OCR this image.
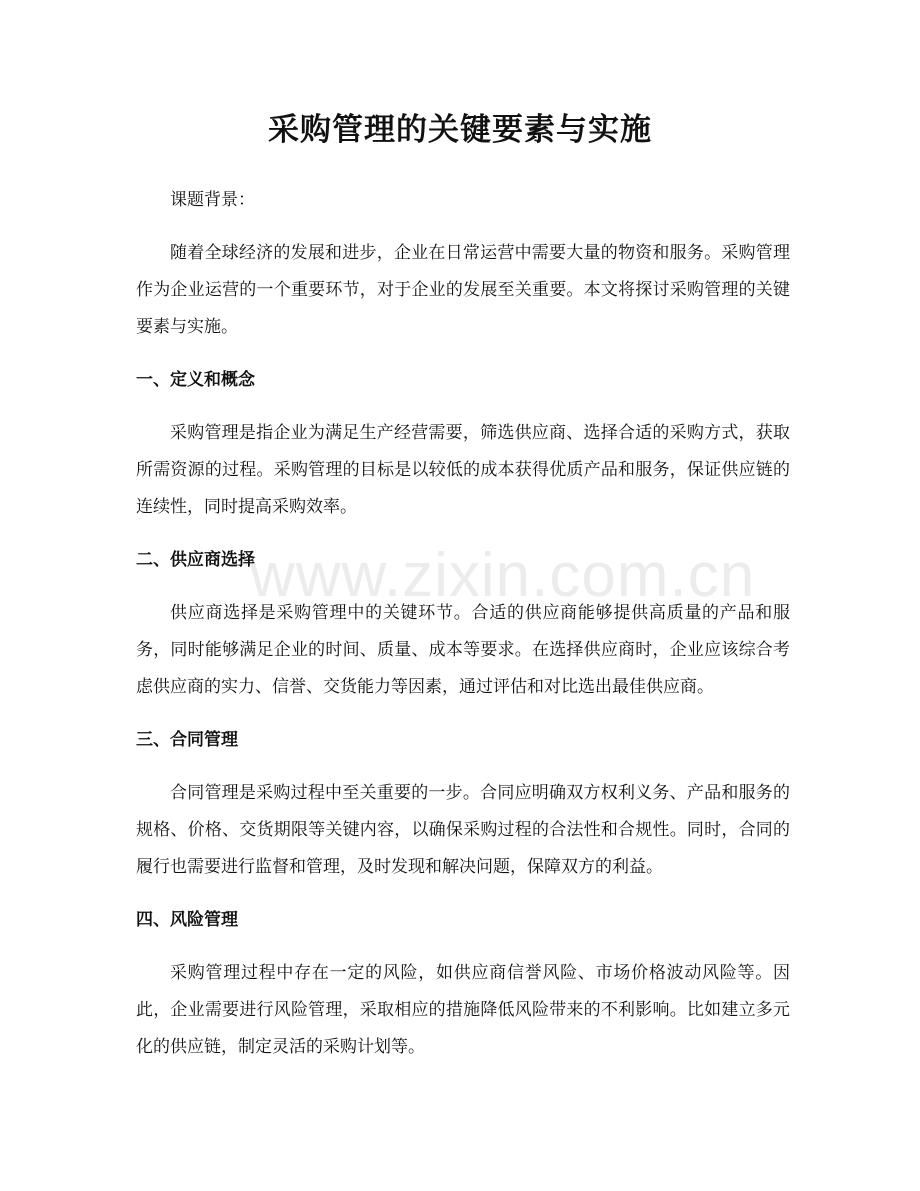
采购管理的关键要素与实施

课题背景：

随着全球经济的发展和进步，企业在日常运营中需要大量的物资和服务。采购管理作为企业运营的一个重要环节，对于企业的发展至关重要。本文将探讨采购管理的关键要素与实施。

一、定义和概念

采购管理是指企业为满足生产经营需要，筛选供应商、选择合适的采购方式，获取所需资源的过程。采购管理的目标是以较低的成本获得优质产品和服务，保证供应链的连续性，同时提高采购效率。

二、供应商选择

供应商选择是采购管理中的关键环节。合适的供应商能够提供高质量的产品和服务，同时能够满足企业的时间、质量、成本等要求。在选择供应商时，企业应该综合考虑供应商的实力、信誉、交货能力等因素，通过评估和对比选出最佳供应商。

三、合同管理

合同管理是采购过程中至关重要的一步。合同应明确双方权利义务、产品和服务的规格、价格、交货期限等关键内容，以确保采购过程的合法性和合规性。同时，合同的履行也需要进行监督和管理，及时发现和解决问题，保障双方的利益。

四、风险管理

采购管理过程中存在一定的风险，如供应商信誉风险、市场价格波动风险等。因此，企业需要进行风险管理，采取相应的措施降低风险带来的不利影响。比如建立多元化的供应链，制定灵活的采购计划等。

www.zixin.com.cn
